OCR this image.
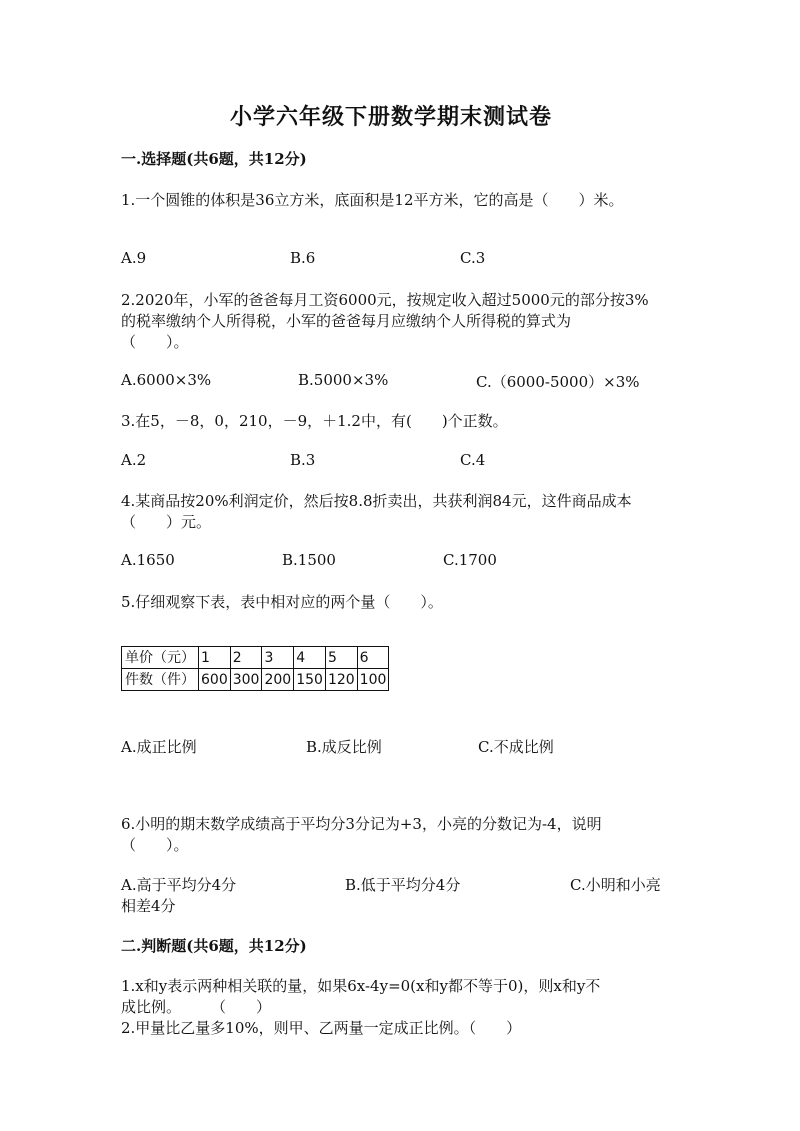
小学六年级下册数学期末测试卷
一.选择题(共6题，共12分)
1.一个圆锥的体积是36立方米，底面积是12平方米，它的高是（　　）米。
A.9	B.6	C.3
2.2020年，小军的爸爸每月工资6000元，按规定收入超过5000元的部分按3%
的税率缴纳个人所得税，小军的爸爸每月应缴纳个人所得税的算式为
（　　）。
A.6000×3%	B.5000×3%	C.（6000-5000）×3%
3.在5，－8，0，210，－9，＋1.2中，有(　　)个正数。
A.2	B.3	C.4
4.某商品按20%利润定价，然后按8.8折卖出，共获利润84元，这件商品成本
（　　）元。
A.1650	B.1500	C.1700
5.仔细观察下表，表中相对应的两个量（　　）。
单价（元）	1	2	3	4	5	6
件数（件）	600	300	200	150	120	100
A.成正比例	B.成反比例	C.不成比例
6.小明的期末数学成绩高于平均分3分记为+3，小亮的分数记为-4，说明
（　　）。
A.高于平均分4分	B.低于平均分4分	C.小明和小亮
相差4分
二.判断题(共6题，共12分)
1.x和y表示两种相关联的量，如果6x-4y=0(x和y都不等于0)，则x和y不
成比例。　　　（　　）
2.甲量比乙量多10%，则甲、乙两量一定成正比例。（　　）
